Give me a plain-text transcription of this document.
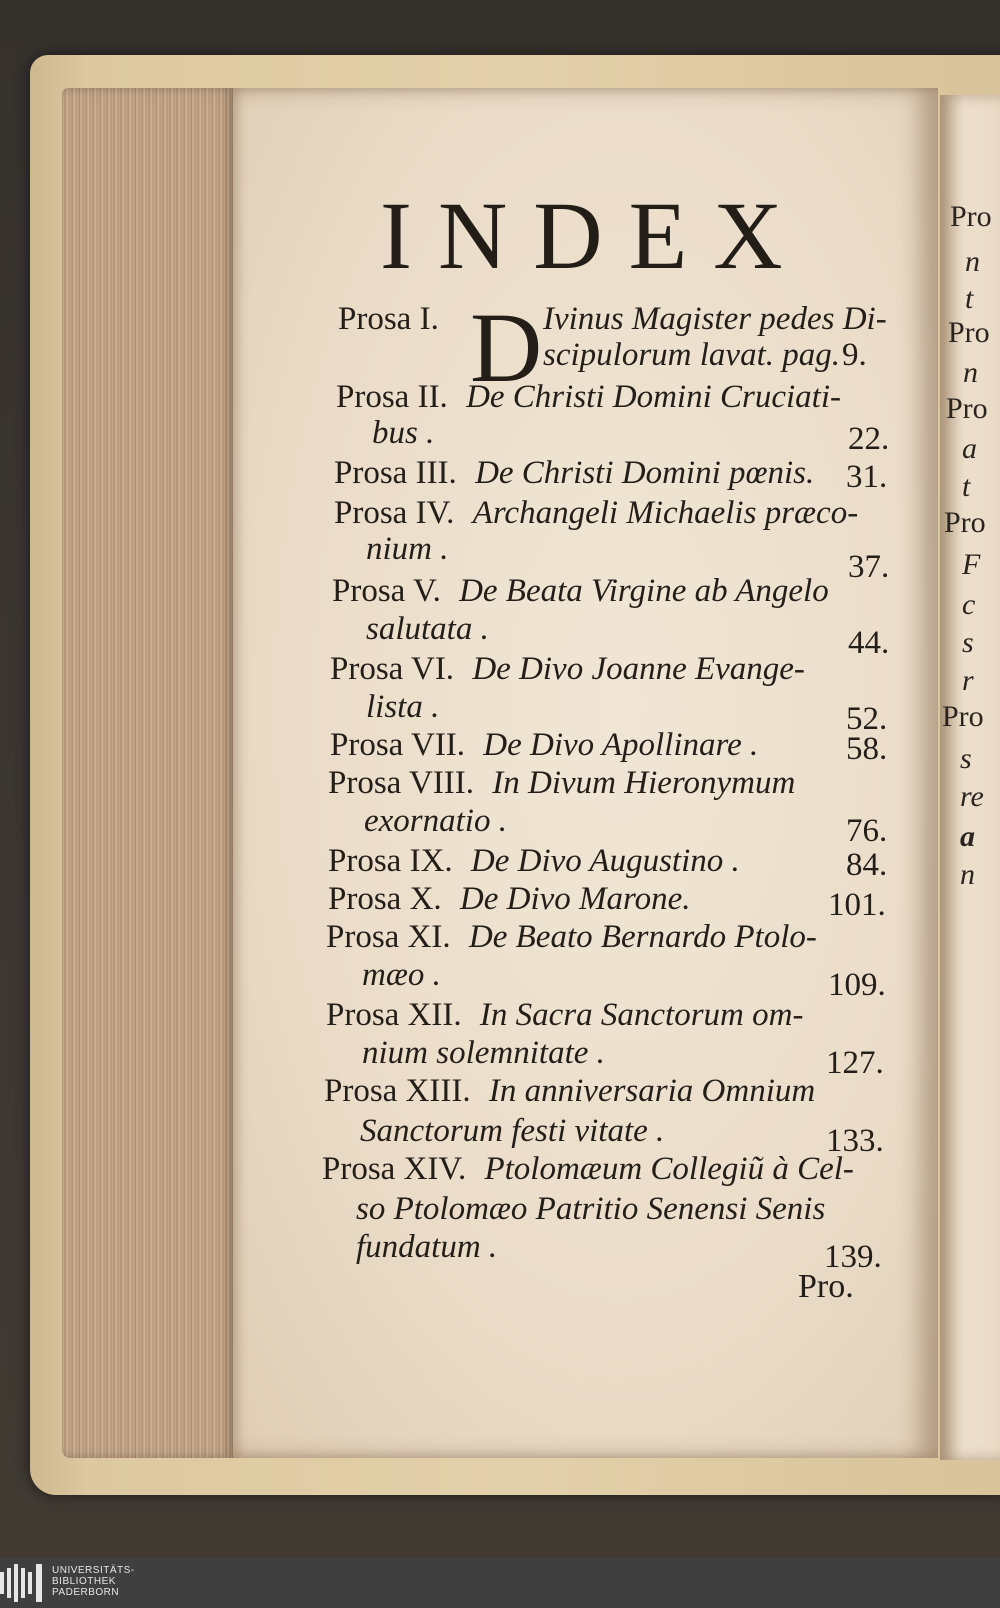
INDEX
D
Prosa I.	Ivinus Magister pedes Di-
scipulorum lavat. pag. 9.
Prosa II. De Christi Domini Cruciati-
bus .	22.
Prosa III. De Christi Domini pœnis. 31.
Prosa IV. Archangeli Michaelis præco-
nium .	37.
Prosa V. De Beata Virgine ab Angelo
salutata .	44.
Prosa VI. De Divo Joanne Evange-
lista .	52.
Prosa VII. De Divo Apollinare .	58.
Prosa VIII. In Divum Hieronymum
exornatio .	76.
Prosa IX. De Divo Augustino .	84.
Prosa X. De Divo Marone.	101.
Prosa XI. De Beato Bernardo Ptolo-
mæo .	109.
Prosa XII. In Sacra Sanctorum om-
nium solemnitate .	127.
Prosa XIII. In anniversaria Omnium
Sanctorum festi vitate .	133.
Prosa XIV. Ptolomæum Collegiũ à Cel-
so Ptolomæo Patritio Senensi Senis
fundatum .	139.
Pro.
Pro
n
t
Pro
n
Pro
a
t
Pro
F
c
s
r
Pro
s
re
a
n
UNIVERSITÄTS-
BIBLIOTHEK
PADERBORN
